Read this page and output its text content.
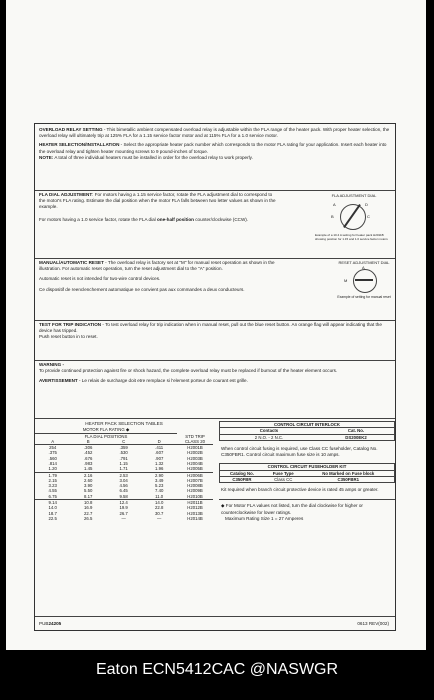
OVERLOAD RELAY SETTING - This bimetallic ambient compensated overload relay is adjustable within the FLA range of the heater pack. With proper heater selection, the overload relay will ultimately trip at 125% FLA for a 1.15 service factor motor and at 115% FLA for a 1.0 service motor.

HEATER SELECTION/INSTALLATION - Select the appropriate heater pack number which corresponds to the motor FLA rating for your application. Insert each heater into the overload relay and tighten heater mounting screws to 9 pound-inches of torque.

NOTE: A total of three individual heaters must be installed in order for the overload relay to work properly.

FLA DIAL ADJUSTMENT: For motors having a 1.15 service factor, rotate the FLA adjustment dial to correspond to the motor's FLA rating. Estimate the dial position when the motor FLA falls between two letter values as shown in the example.

For motors having a 1.0 service factor, rotate the FLA dial one-half position counter/clockwise (CCW).

FLA ADJUSTMENT DIAL
A
B	C
D
Example of a 10.4 A setting for heater pack H2011B showing position for 1.15 and 1.0 service factor motors

MANUAL/AUTOMATIC RESET - The overload relay is factory set at "M" for manual reset operation as shown in the illustration. For automatic reset operation, turn the reset adjustment dial to the "A" position.

Automatic reset is not intended for two-wire control devices.

Ce dispositif de reenclenchement automatique ne convient pas aux commandes a deux conducteurs.

RESET ADJUSTMENT DIAL
M
A
Example of setting for manual reset

TEST FOR TRIP INDICATION - To test overload relay for trip indication when in manual reset, pull out the blue reset button. An orange flag will appear indicating that the device has tripped.

Push reset button in to reset.

WARNING -

To provide continued protection against fire or shock hazard, the complete overload relay must be replaced if burnout of the heater element occurs.

AVERTISSEMENT - Le relais de surcharge doit etre remplace si l'element porteur de courant est grille.

HEATER PACK SELECTION TABLES
MOTOR FLA RATING ◆				STD TRIP CLASS 20
FLA DIAL POSITIONS				
A	B	C	D	
254	.306	.359	.411	H2001B
.375	.452	.530	.607	H2002B
.560	.676	.791	.907	H2003B
.814	.983	1.15	1.32	H2004B
1.20	1.45	1.71	1.96	H2005B
1.79	2.16	2.53	2.90	H2006B
2.15	2.60	3.04	3.49	H2007B
3.23	3.90	4.56	5.23	H2008B
4.55	5.50	6.45	7.40	H2009B
6.75	8.17	9.58	11.0	H2010B
9.14	10.8	12.4	14.0	H2011B
14.0	16.9	19.9	22.8	H2012B
18.7	22.7	26.7	30.7	H2013B
22.5	26.5	—	—	H2014B
CONTROL CIRCUIT INTERLOCK	
Contacts	Cat. No.
2 N.O. - 2 N.C.	DS200EK2

When control circuit fusing is required, use Class CC fuseholder, Catalog No. C350FBR1. Control circuit maximum fuse size is 10 amps.

CONTROL CIRCUIT FUSEHOLDER KIT		
Catalog No.	Fuse Type	No Marked on Fuse block
C350FBR	Class CC	C350FBR1

Kit required when branch circuit protective device is rated 45 amps or greater.

◆ For Motor FLA values not listed, turn the dial clockwise for higher or counterclockwise for lower ratings.

Maximum Rating Size 1 = 27 Amperes

PUB24205	0613 REV(002)
Eaton ECN5412CAC @NASWGR
